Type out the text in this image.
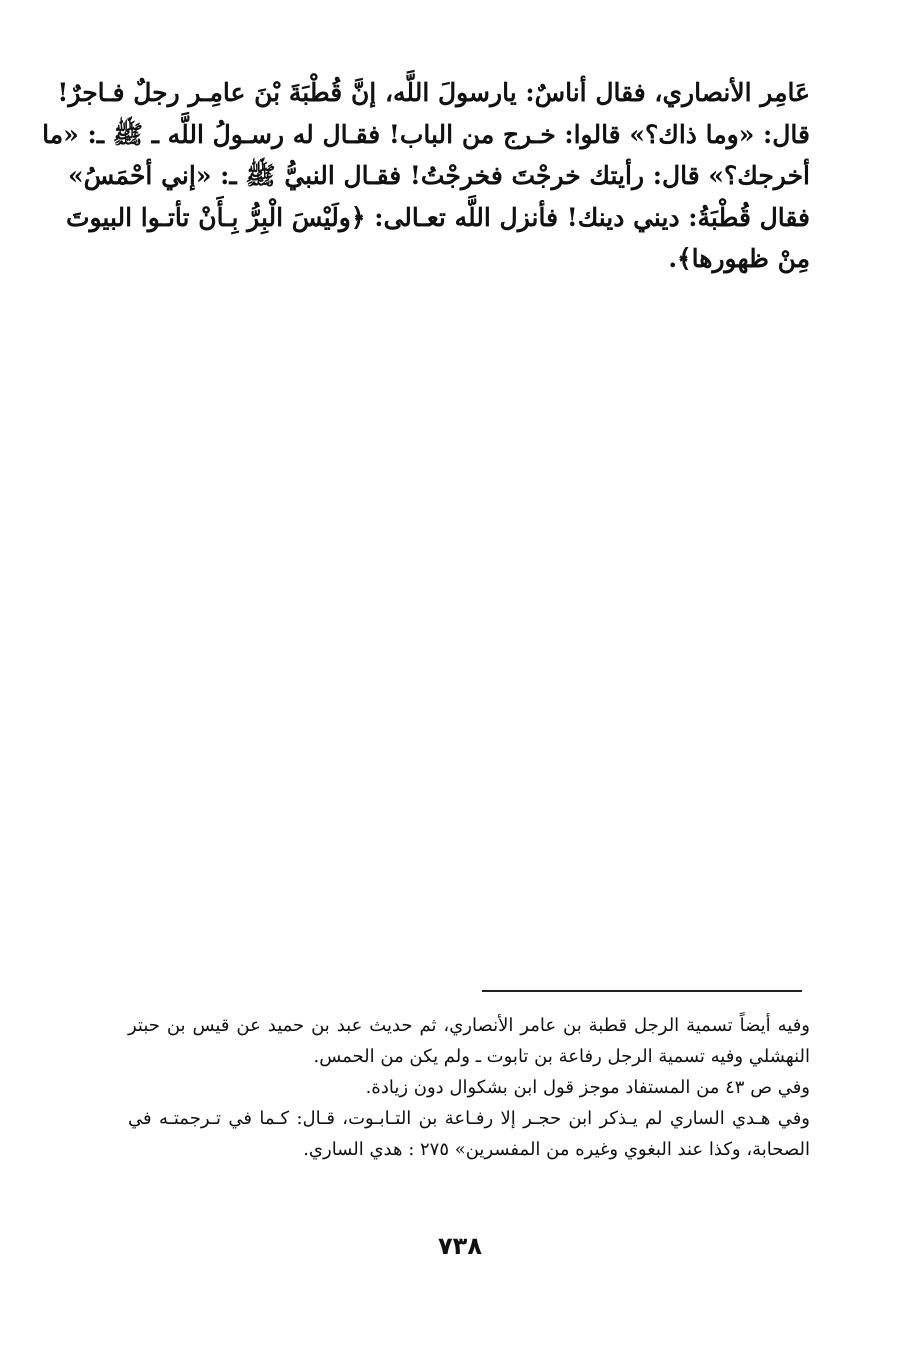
عَامِر الأنصاري، فقال أناسٌ: يارسولَ اللَّه، إنَّ قُطْبَةَ بْنَ عامِـر رجلٌ فـاجرٌ!
قال: «وما ذاك؟» قالوا: خـرج من الباب! فقـال له رسـولُ اللَّه ـ ﷺ ـ: «ما
أخرجك؟» قال: رأيتك خرجْتَ فخرجْتُ! فقـال النبيُّ ﷺ ـ: «إني أحْمَسُ»
فقال قُطْبَةُ: ديني دينك! فأنزل اللَّه تعـالى: ﴿ولَيْسَ الْبِرُّ بِـأَنْ تأتـوا البيوتَ
مِنْ ظهورها﴾.
وفيه أيضاً تسمية الرجل قطبة بن عامر الأنصاري، ثم حديث عبد بن حميد عن قيس بن حبتر
النهشلي وفيه تسمية الرجل رفاعة بن تابوت ـ ولم يكن من الحمس.
وفي ص ٤٣ من المستفاد موجز قول ابن بشكوال دون زيادة.
وفي هـدي الساري لم يـذكر ابن حجـر إلا رفـاعة بن التـابـوت، قـال: كـما في تـرجمتـه في
الصحابة، وكذا عند البغوي وغيره من المفسرين» ٢٧٥ : هدي الساري.
٧٣٨
